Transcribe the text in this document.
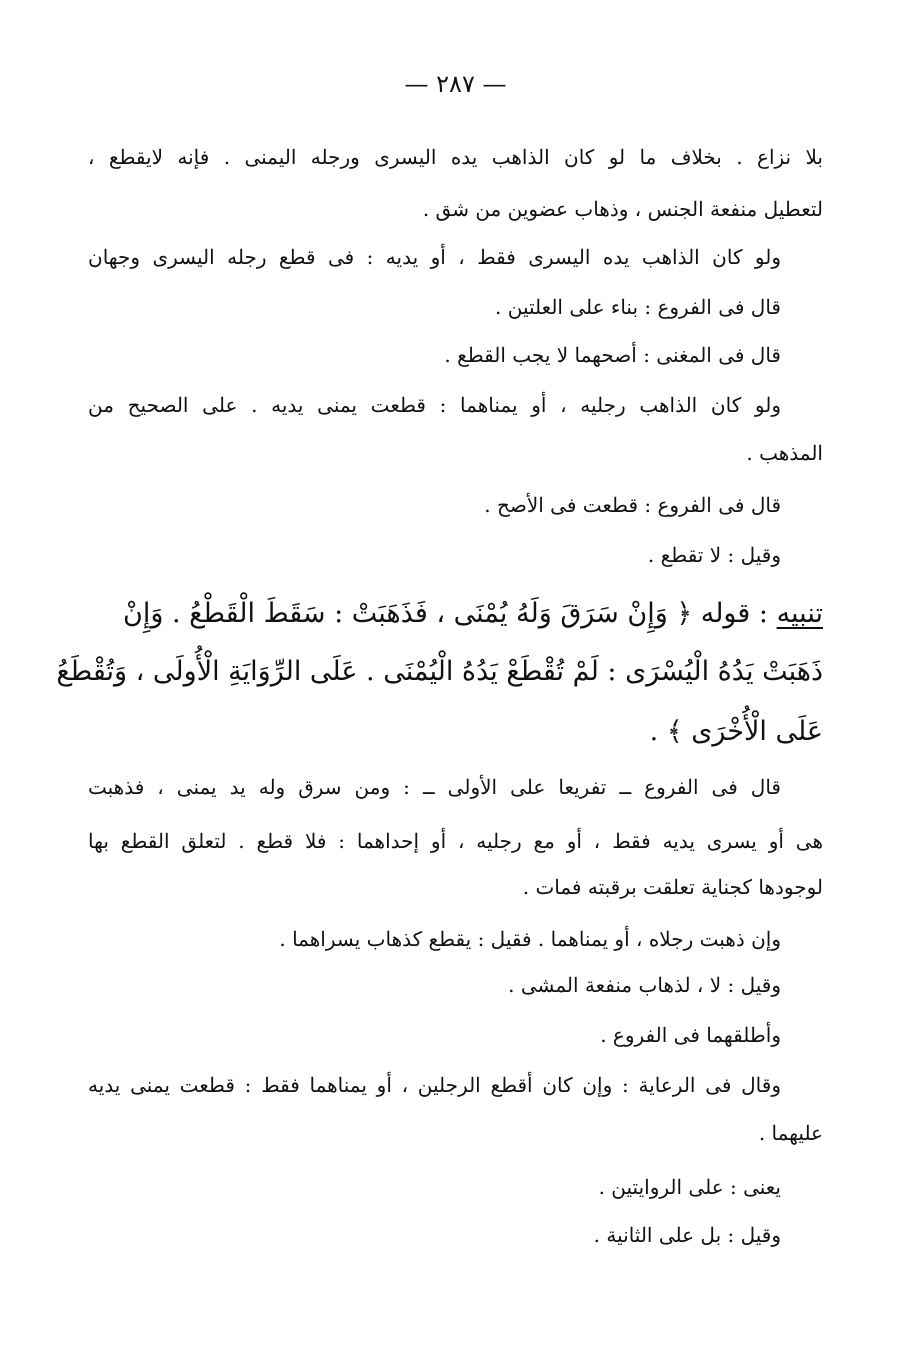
— ٢٨٧ —
بلا نزاع . بخلاف ما لو كان الذاهب يده اليسرى ورجله اليمنى . فإنه لايقطع ،
لتعطيل منفعة الجنس ، وذهاب عضوين من شق .
ولو كان الذاهب يده اليسرى فقط ، أو يديه : فى قطع رجله اليسرى وجهان
قال فى الفروع : بناء على العلتين .
قال فى المغنى : أصحهما لا يجب القطع .
ولو كان الذاهب رجليه ، أو يمناهما : قطعت يمنى يديه . على الصحيح من
المذهب .
قال فى الفروع : قطعت فى الأصح .
وقيل : لا تقطع .
تنبيه : قوله ﴿ وَإِنْ سَرَقَ وَلَهُ يُمْنَى ، فَذَهَبَتْ : سَقَطَ الْقَطْعُ . وَإِنْ
ذَهَبَتْ يَدُهُ الْيُسْرَى : لَمْ تُقْطَعْ يَدُهُ الْيُمْنَى . عَلَى الرِّوَايَةِ الْأُولَى ، وَتُقْطَعُ
عَلَى الْأُخْرَى ﴾ .
قال فى الفروع ــ تفريعا على الأولى ــ : ومن سرق وله يد يمنى ، فذهبت
هى أو يسرى يديه فقط ، أو مع رجليه ، أو إحداهما : فلا قطع . لتعلق القطع بها
لوجودها كجناية تعلقت برقبته فمات .
وإن ذهبت رجلاه ، أو يمناهما . فقيل : يقطع كذهاب يسراهما .
وقيل : لا ، لذهاب منفعة المشى .
وأطلقهما فى الفروع .
وقال فى الرعاية : وإن كان أقطع الرجلين ، أو يمناهما فقط : قطعت يمنى يديه
عليهما .
يعنى : على الروايتين .
وقيل : بل على الثانية .
